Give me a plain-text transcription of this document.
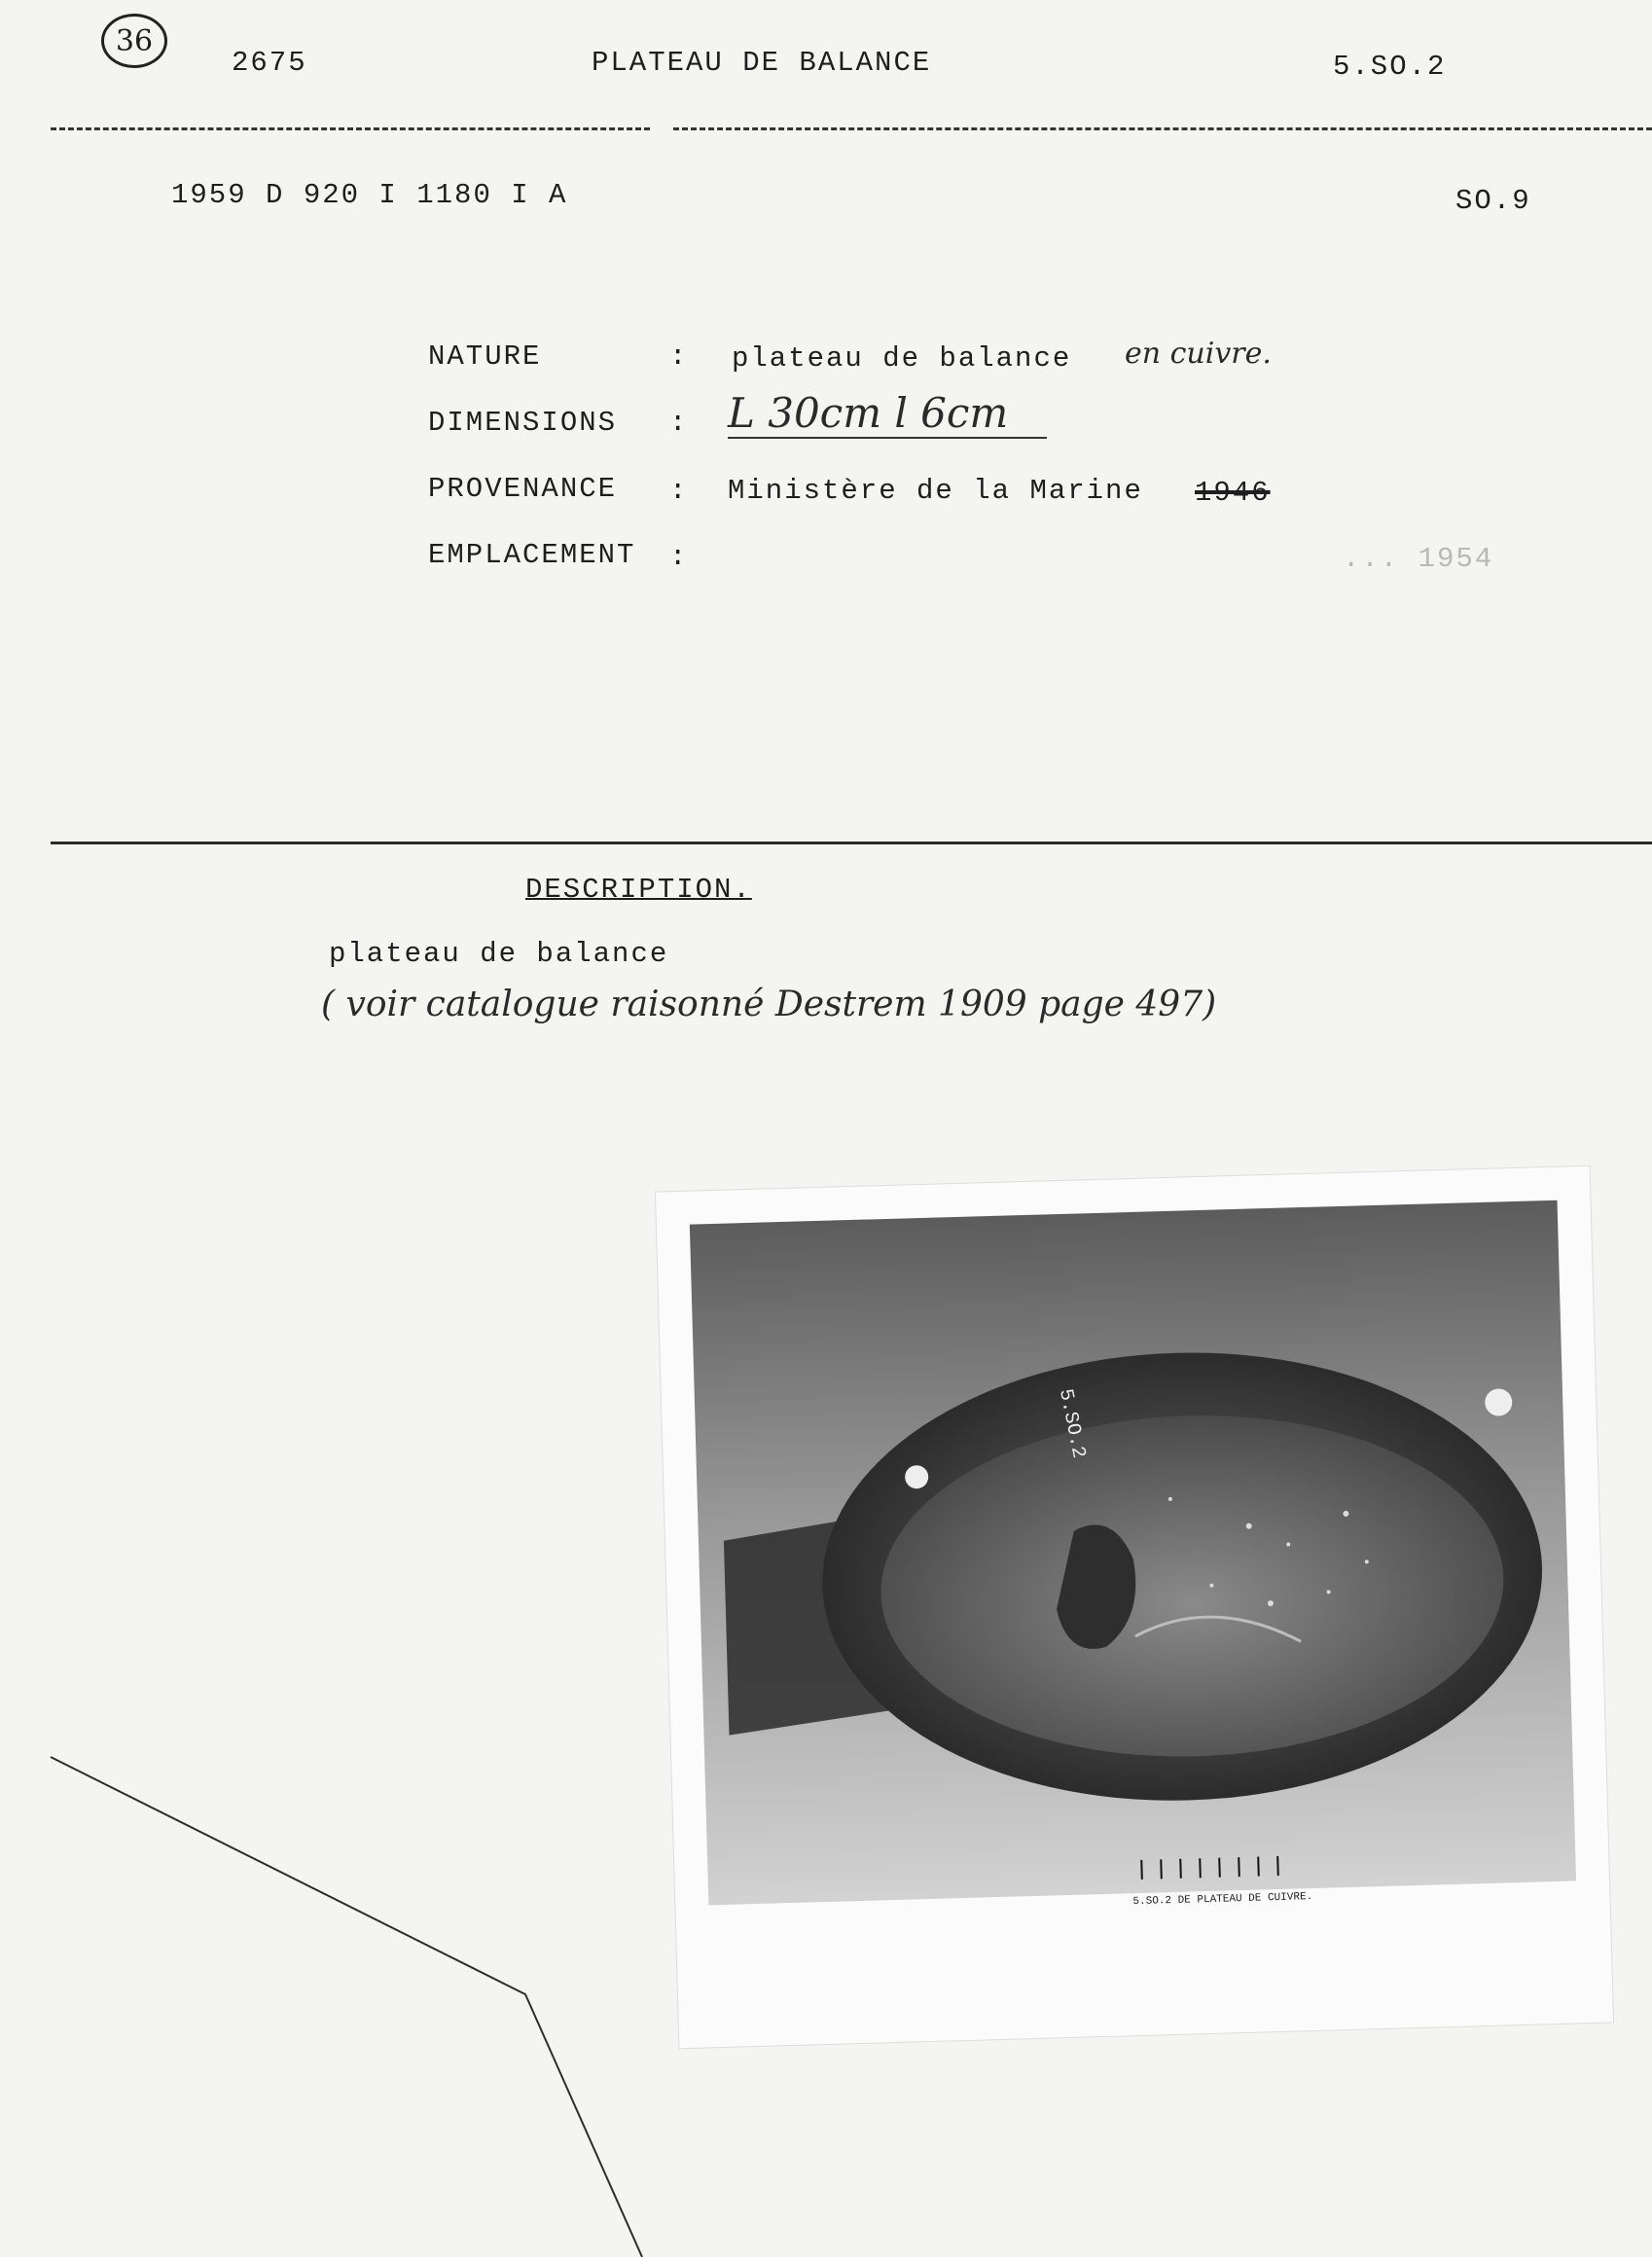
36
2675	PLATEAU DE BALANCE	5.SO.2
1959 D 920 I 1180 I A	SO.9
NATURE	: plateau de balance en cuivre.
DIMENSIONS : L 30cm l 6cm
PROVENANCE : Ministère de la Marine 1946
EMPLACEMENT :	... 1954
DESCRIPTION.
plateau de balance
( voir catalogue raisonné Destrem 1909 page 497)
5.SO.2 DE PLATEAU DE CUIVRE.
5.SO.2
